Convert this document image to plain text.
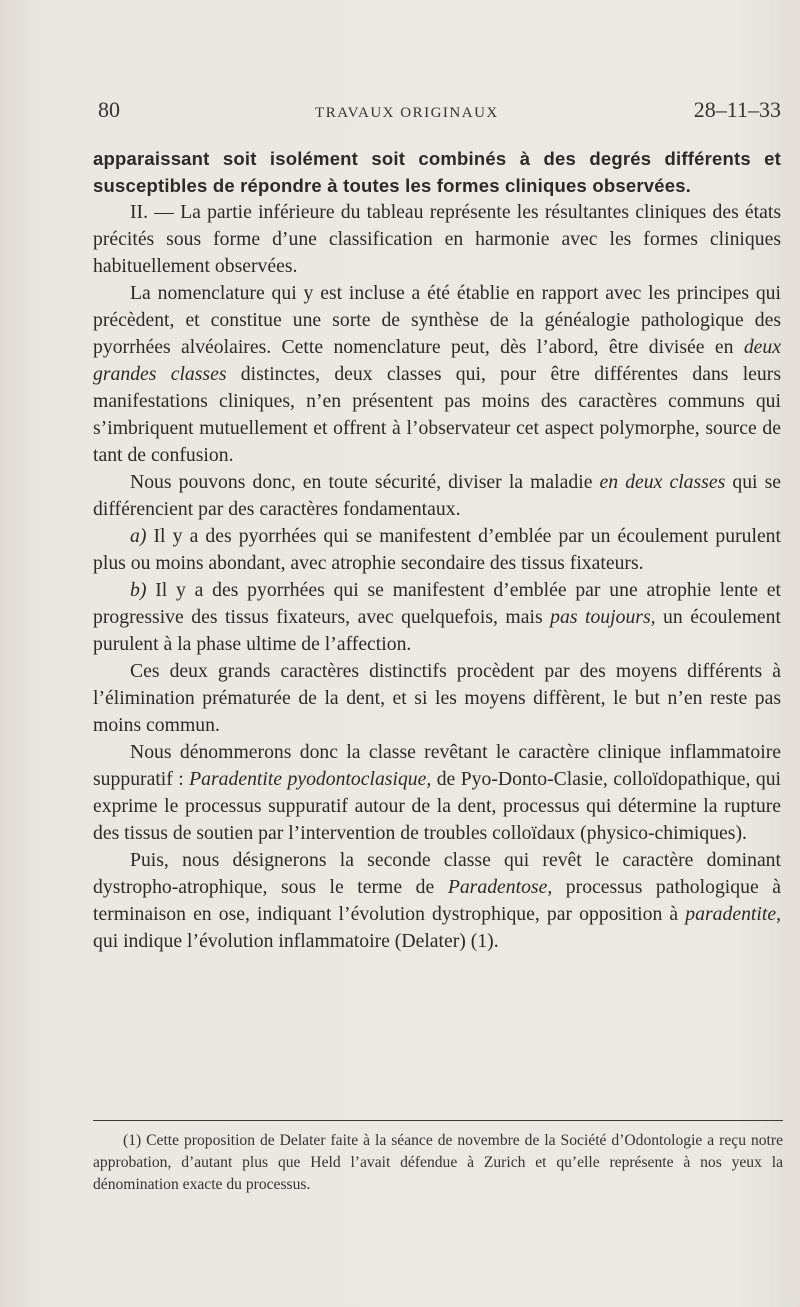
80	TRAVAUX ORIGINAUX	28–11–33

apparaissant soit isolément soit combinés à des degrés différents et susceptibles de répondre à toutes les formes cliniques observées.

II. — La partie inférieure du tableau représente les résultantes cliniques des états précités sous forme d’une classification en harmonie avec les formes cliniques habituellement observées.

La nomenclature qui y est incluse a été établie en rapport avec les principes qui précèdent, et constitue une sorte de synthèse de la généalogie pathologique des pyorrhées alvéolaires. Cette nomenclature peut, dès l’abord, être divisée en deux grandes classes distinctes, deux classes qui, pour être différentes dans leurs manifestations cliniques, n’en présentent pas moins des caractères communs qui s’imbriquent mutuellement et offrent à l’observateur cet aspect polymorphe, source de tant de confusion.

Nous pouvons donc, en toute sécurité, diviser la maladie en deux classes qui se différencient par des caractères fondamentaux.

a) Il y a des pyorrhées qui se manifestent d’emblée par un écoulement purulent plus ou moins abondant, avec atrophie secondaire des tissus fixateurs.

b) Il y a des pyorrhées qui se manifestent d’emblée par une atrophie lente et progressive des tissus fixateurs, avec quelquefois, mais pas toujours, un écoulement purulent à la phase ultime de l’affection.

Ces deux grands caractères distinctifs procèdent par des moyens différents à l’élimination prématurée de la dent, et si les moyens diffèrent, le but n’en reste pas moins commun.

Nous dénommerons donc la classe revêtant le caractère clinique inflammatoire suppuratif : Paradentite pyodontoclasique, de Pyo-Donto-Clasie, colloïdopathique, qui exprime le processus suppuratif autour de la dent, processus qui détermine la rupture des tissus de soutien par l’intervention de troubles colloïdaux (physico-chimiques).

Puis, nous désignerons la seconde classe qui revêt le caractère dominant dystropho-atrophique, sous le terme de Paradentose, processus pathologique à terminaison en ose, indiquant l’évolution dystrophique, par opposition à paradentite, qui indique l’évolution inflammatoire (Delater) (1).

(1) Cette proposition de Delater faite à la séance de novembre de la Société d’Odontologie a reçu notre approbation, d’autant plus que Held l’avait défendue à Zurich et qu’elle représente à nos yeux la dénomination exacte du processus.
